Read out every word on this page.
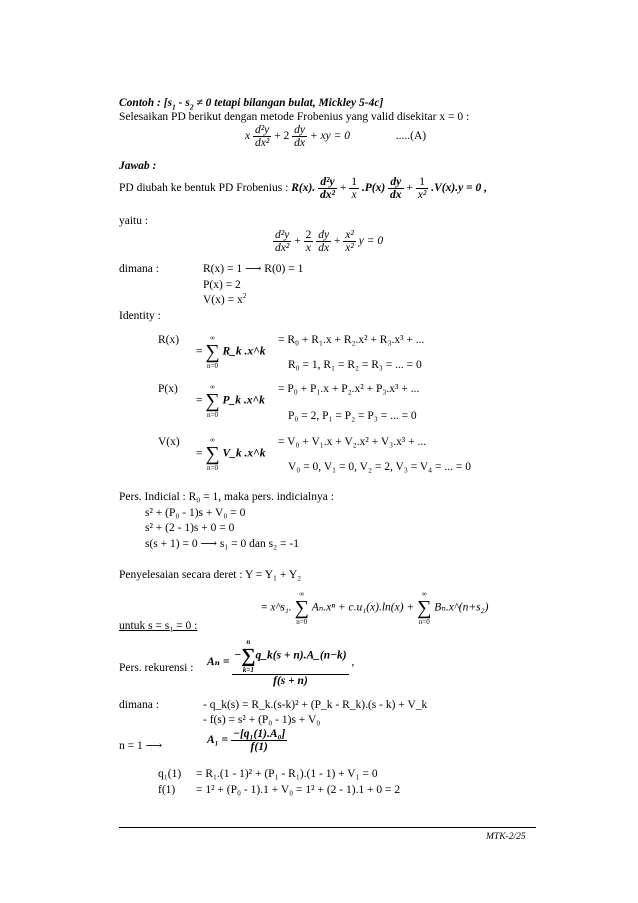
Contoh : [$s_1 - s_2 \ne 0$ tetapi bilangan bulat, Mickley 5-4c]
Selesaikan PD berikut dengan metode Frobenius yang valid disekitar x = 0 :
x $\frac{\text{d²y}}{\text{dx²}} + 2 \frac{dy}{dx}$ + xy = 0	.....(A)
Jawab :
PD diubah ke bentuk PD Frobenius : R(x). $\frac{\text{d²y}}{\text{dx²}} + \frac{1}{x} .P(x) \frac{dy}{dx} + \frac{1}{\text{x²}} .V(x).y = 0$ ,
yaitu :
$\frac{\text{d²y}}{\text{dx²}} + \frac{2}{x}$
$\frac{dy}{dx} + \frac{\text{x²}}{\text{x²}}$ y = 0
dimana :	R(x) = 1 ⟶ R(0) = 1
P(x) = 2
$V(x) = x^2$
Identity :
R(x)
=
∞
∑
n=0
R_k .x^k
= R₀ + R₁.x + R₂.x² + R₃.x³ + ...
R₀ = 1, R₁ = R₂ = R₃ = ... = 0
P(x)
=
∞
∑
n=0
P_k .x^k
= P₀ + P₁.x + P₂.x² + P₃.x³ + ...
P₀ = 2, P₁ = P₂ = P₃ = ... = 0
V(x)
=
∞
∑
n=0
V_k .x^k
= V₀ + V₁.x + V₂.x² + V₃.x³ + ...
V₀ = 0, V₁ = 0, V₂ = 2, V₃ = V₄ = ... = 0
Pers. Indicial : R₀ = 1, maka pers. indicialnya :
s² + (P₀ - 1)s + V₀ = 0
s² + (2 - 1)s + 0 = 0
s(s + 1) = 0 ⟶ s₁ = 0 dan s₂ = -1
Penyelesaian secara deret : Y = Y₁ + Y₂
= x^s₁.
∞
∑
n=0
Aₙ.xⁿ + c.u₁(x).ln(x) +
∞
∑
n=0
Bₙ.x^(n+s₂)
untuk s = s₁ = 0 :
Pers. rekurensi : Aₙ = −
n
∑
k=1
q_k(s + n).A_(n−k)
f(s + n) ,
dimana :	- q_k(s) = R_k.(s-k)² + (P_k - R_k).(s - k) + V_k
- f(s) = s² + (P₀ - 1)s + V₀
n = 1 ⟶	$A_1 = \frac{\text{−[q₁(1).A₀]}}{f(1)}$
q₁(1) = R₁.(1 - 1)² + (P₁ - R₁).(1 - 1) + V₁ = 0
f(1) = 1² + (P₀ - 1).1 + V₀ = 1² + (2 - 1).1 + 0 = 2
MTK-2/25
